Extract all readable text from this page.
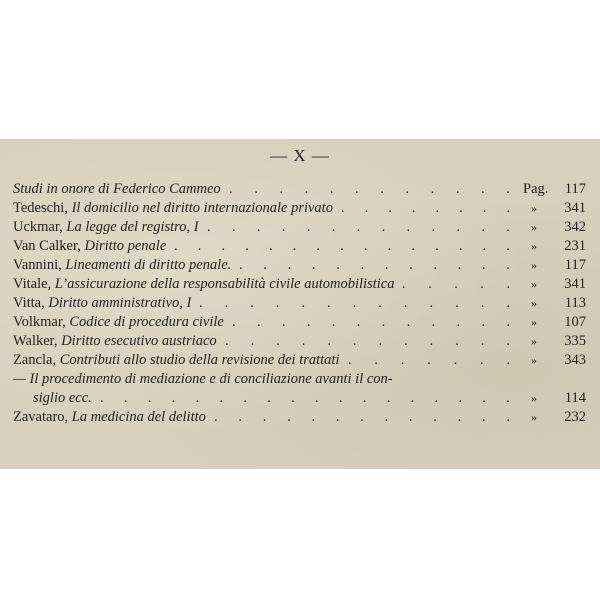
— X —
Studi in onore di Federico Cammeo . . . . . . . . . . . . Pag. 117
Tedeschi, Il domicilio nel diritto internazionale privato . . . . . . . . » 341
Uckmar, La legge del registro, I . . . . . . . . . . . . . » 342
Van Calker, Diritto penale . . . . . . . . . . . . . . . » 231
Vannini, Lineamenti di diritto penale. . . . . . . . . . . . . » 117
Vitale, L’assicurazione della responsabilità civile automobilistica . . . . . » 341
Vitta, Diritto amministrativo, I . . . . . . . . . . . . . » 113
Volkmar, Codice di procedura civile . . . . . . . . . . . . » 107
Walker, Diritto esecutivo austriaco . . . . . . . . . . . . » 335
Zancla, Contributi allo studio della revisione dei trattati . . . . . . . » 343
— Il procedimento di mediazione e di conciliazione avanti il con-
siglio ecc. . . . . . . . . . . . . . . . . . . » 114
Zavataro, La medicina del delitto . . . . . . . . . . . . . » 232
